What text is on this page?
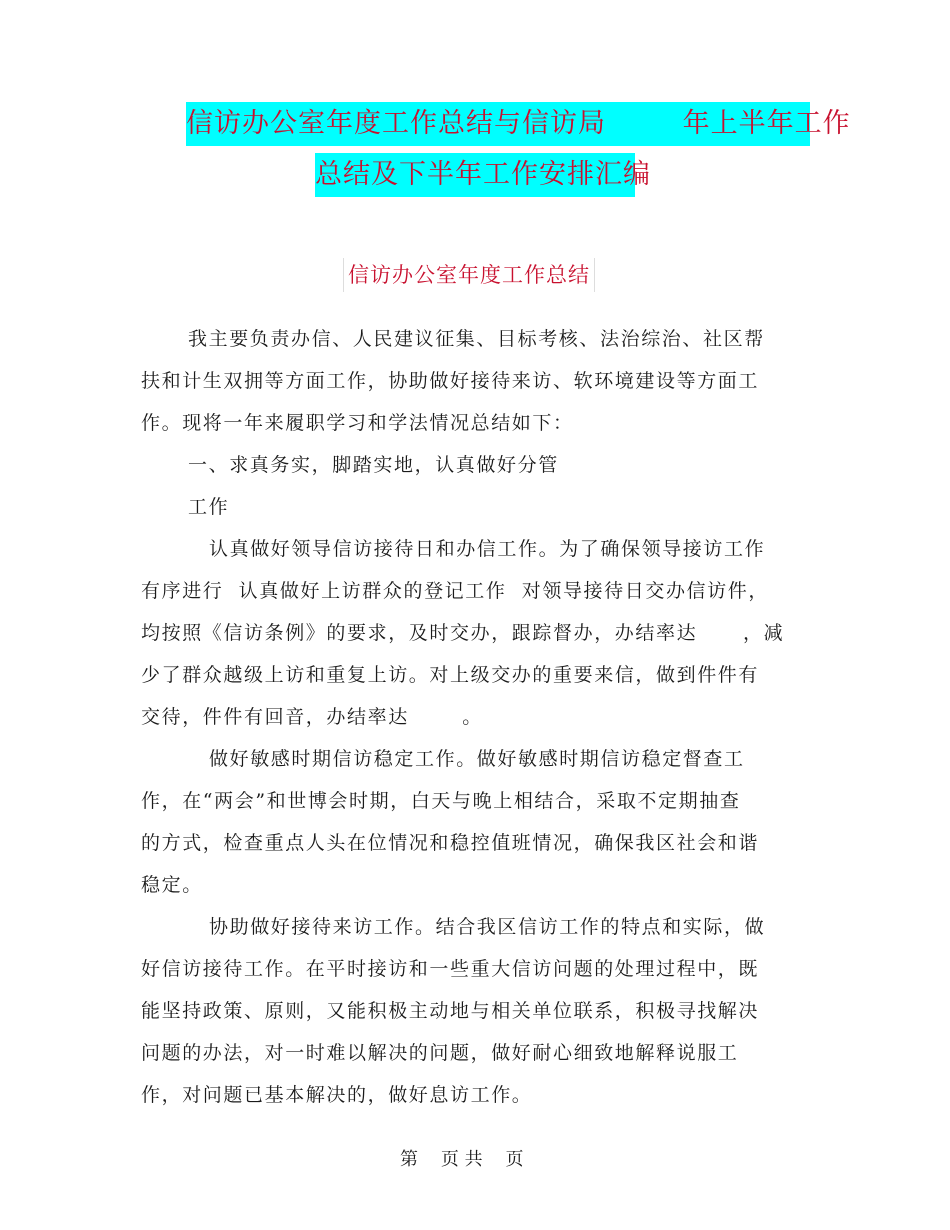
信访办公室年度工作总结与信访局        年上半年工作
总结及下半年工作安排汇编
信访办公室年度工作总结
我主要负责办信、人民建议征集、目标考核、法治综治、社区帮
扶和计生双拥等方面工作，协助做好接待来访、软环境建设等方面工
作。现将一年来履职学习和学法情况总结如下：
一、求真务实，脚踏实地，认真做好分管
工作
认真做好领导信访接待日和办信工作。为了确保领导接访工作
有序进行  认真做好上访群众的登记工作  对领导接待日交办信访件，
均按照《信访条例》的要求，及时交办，跟踪督办，办结率达      ，减
少了群众越级上访和重复上访。对上级交办的重要来信，做到件件有
交待，件件有回音，办结率达       。
做好敏感时期信访稳定工作。做好敏感时期信访稳定督查工
作，在“两会”和世博会时期，白天与晚上相结合，采取不定期抽查
的方式，检查重点人头在位情况和稳控值班情况，确保我区社会和谐
稳定。
协助做好接待来访工作。结合我区信访工作的特点和实际，做
好信访接待工作。在平时接访和一些重大信访问题的处理过程中，既
能坚持政策、原则，又能积极主动地与相关单位联系，积极寻找解决
问题的办法，对一时难以解决的问题，做好耐心细致地解释说服工
作，对问题已基本解决的，做好息访工作。
第    页 共    页
